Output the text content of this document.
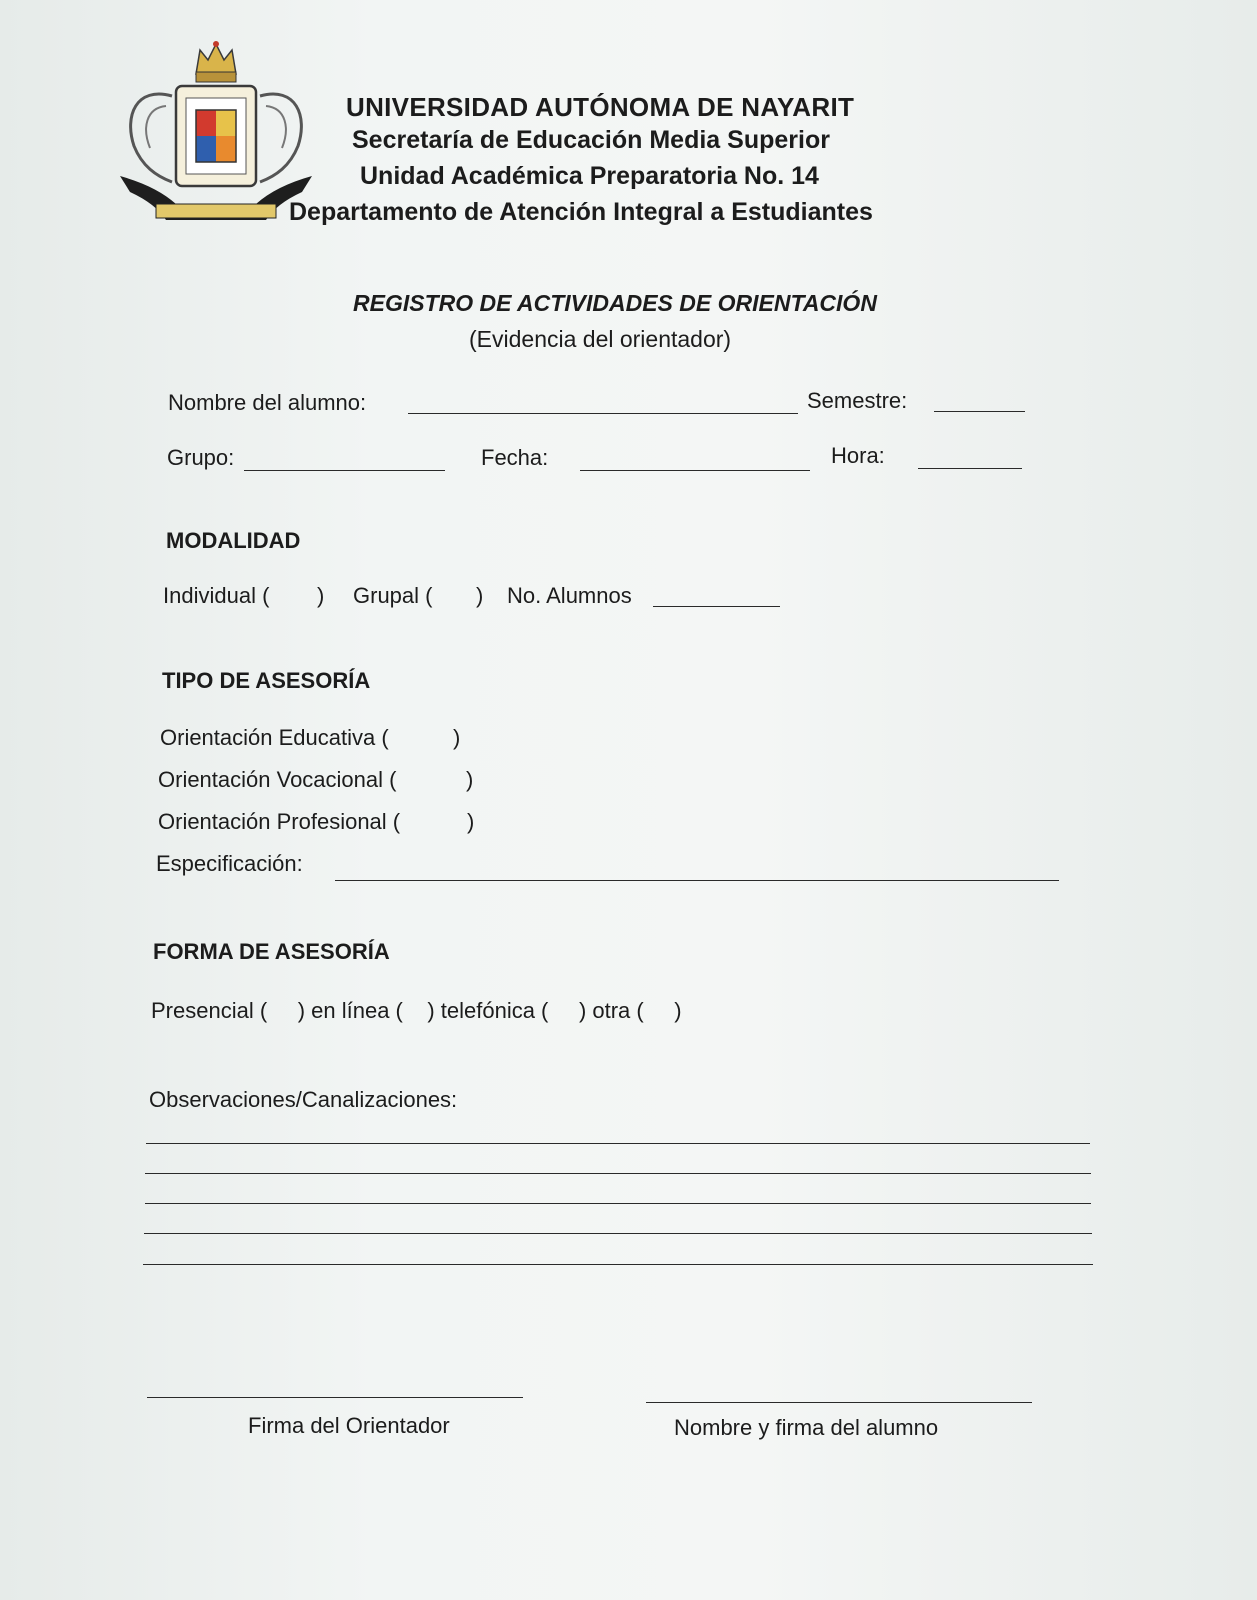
UNIVERSIDAD AUTÓNOMA DE NAYARIT
Secretaría de Educación Media Superior
Unidad Académica Preparatoria No. 14
Departamento de Atención Integral a Estudiantes
REGISTRO DE ACTIVIDADES DE ORIENTACIÓN
(Evidencia del orientador)
Nombre del alumno:	Semestre:
Grupo:	Fecha:	Hora:
MODALIDAD
Individual ( ) Grupal ( ) No. Alumnos
TIPO DE ASESORÍA
Orientación Educativa (	)
Orientación Vocacional (	)
Orientación Profesional (	)
Especificación:
FORMA DE ASESORÍA
Presencial (     ) en línea (    ) telefónica (     ) otra (     )
Observaciones/Canalizaciones:
Firma del Orientador	Nombre y firma del alumno
